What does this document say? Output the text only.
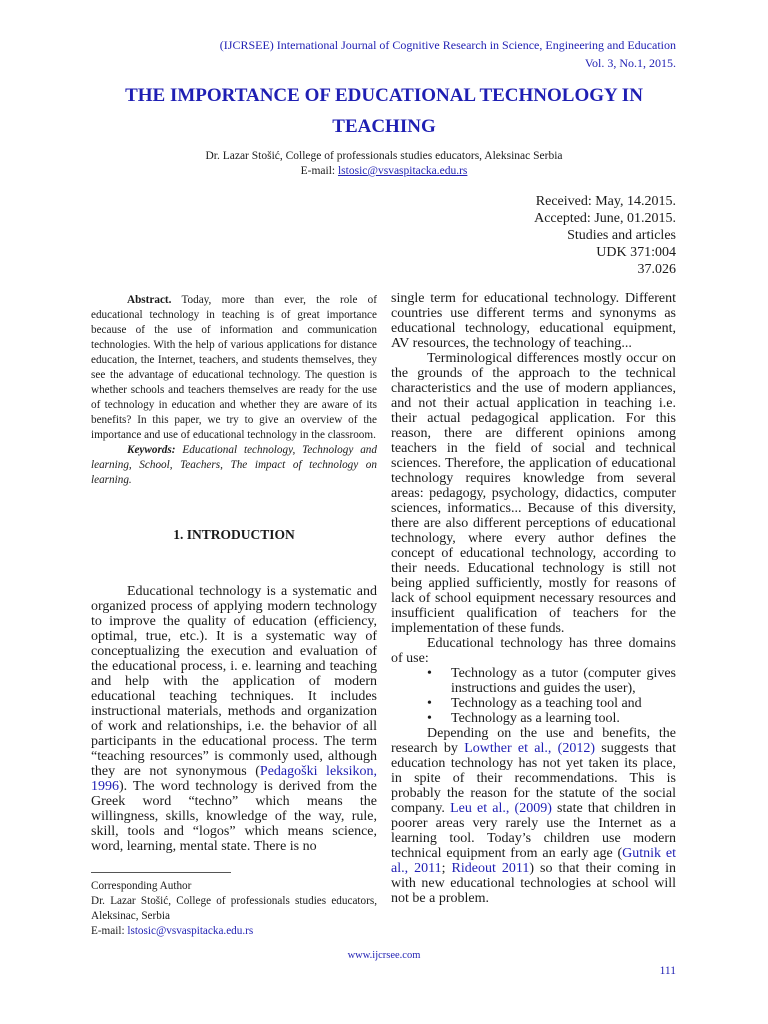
(IJCRSEE) International Journal of Cognitive Research in Science, Engineering and Education
Vol. 3, No.1, 2015.
THE IMPORTANCE OF EDUCATIONAL TECHNOLOGY IN
TEACHING
Dr. Lazar Stošić, College of professionals studies educators, Aleksinac Serbia
E-mail: lstosic@vsvaspitacka.edu.rs
Received: May, 14.2015.
Accepted: June, 01.2015.
Studies and articles
UDK 371:004
37.026

Abstract. Today, more than ever, the role of educational technology in teaching is of great importance because of the use of information and communication technologies. With the help of various applications for distance education, the Internet, teachers, and students themselves, they see the advantage of educational technology. The question is whether schools and teachers themselves are ready for the use of technology in education and whether they are aware of its benefits? In this paper, we try to give an overview of the importance and use of educational technology in the classroom.

Keywords: Educational technology, Technology and learning, School, Teachers, The impact of technology on learning.

1. INTRODUCTION

Educational technology is a systematic and organized process of applying modern technology to improve the quality of education (efficiency, optimal, true, etc.). It is a systematic way of conceptualizing the execution and evaluation of the educational process, i. e. learning and teaching and help with the application of modern educational teaching techniques. It includes instructional materials, methods and organization of work and relationships, i.e. the behavior of all participants in the educational process. The term “teaching resources” is commonly used, although they are not synonymous (Pedagoški leksikon, 1996). The word technology is derived from the Greek word “techno” which means the willingness, skills, knowledge of the way, rule, skill, tools and “logos” which means science, word, learning, mental state. There is no

single term for educational technology. Different countries use different terms and synonyms as educational technology, educational equipment, AV resources, the technology of teaching...

Terminological differences mostly occur on the grounds of the approach to the technical characteristics and the use of modern appliances, and not their actual application in teaching i.e. their actual pedagogical application. For this reason, there are different opinions among teachers in the field of social and technical sciences. Therefore, the application of educational technology requires knowledge from several areas: pedagogy, psychology, didactics, computer sciences, informatics... Because of this diversity, there are also different perceptions of educational technology, where every author defines the concept of educational technology, according to their needs. Educational technology is still not being applied sufficiently, mostly for reasons of lack of school equipment necessary resources and insufficient qualification of teachers for the implementation of these funds.

Educational technology has three domains of use:

• Technology as a tutor (computer gives instructions and guides the user),
• Technology as a teaching tool and
• Technology as a learning tool.

Depending on the use and benefits, the research by Lowther et al., (2012) suggests that education technology has not yet taken its place, in spite of their recommendations. This is probably the reason for the statute of the social company. Leu et al., (2009) state that children in poorer areas very rarely use the Internet as a learning tool. Today’s children use modern technical equipment from an early age (Gutnik et al., 2011; Rideout 2011) so that their coming in with new educational technologies at school will not be a problem.

Corresponding Author
Dr. Lazar Stošić, College of professionals studies educators, Aleksinac, Serbia
E-mail: lstosic@vsvaspitacka.edu.rs
www.ijcrsee.com
111
